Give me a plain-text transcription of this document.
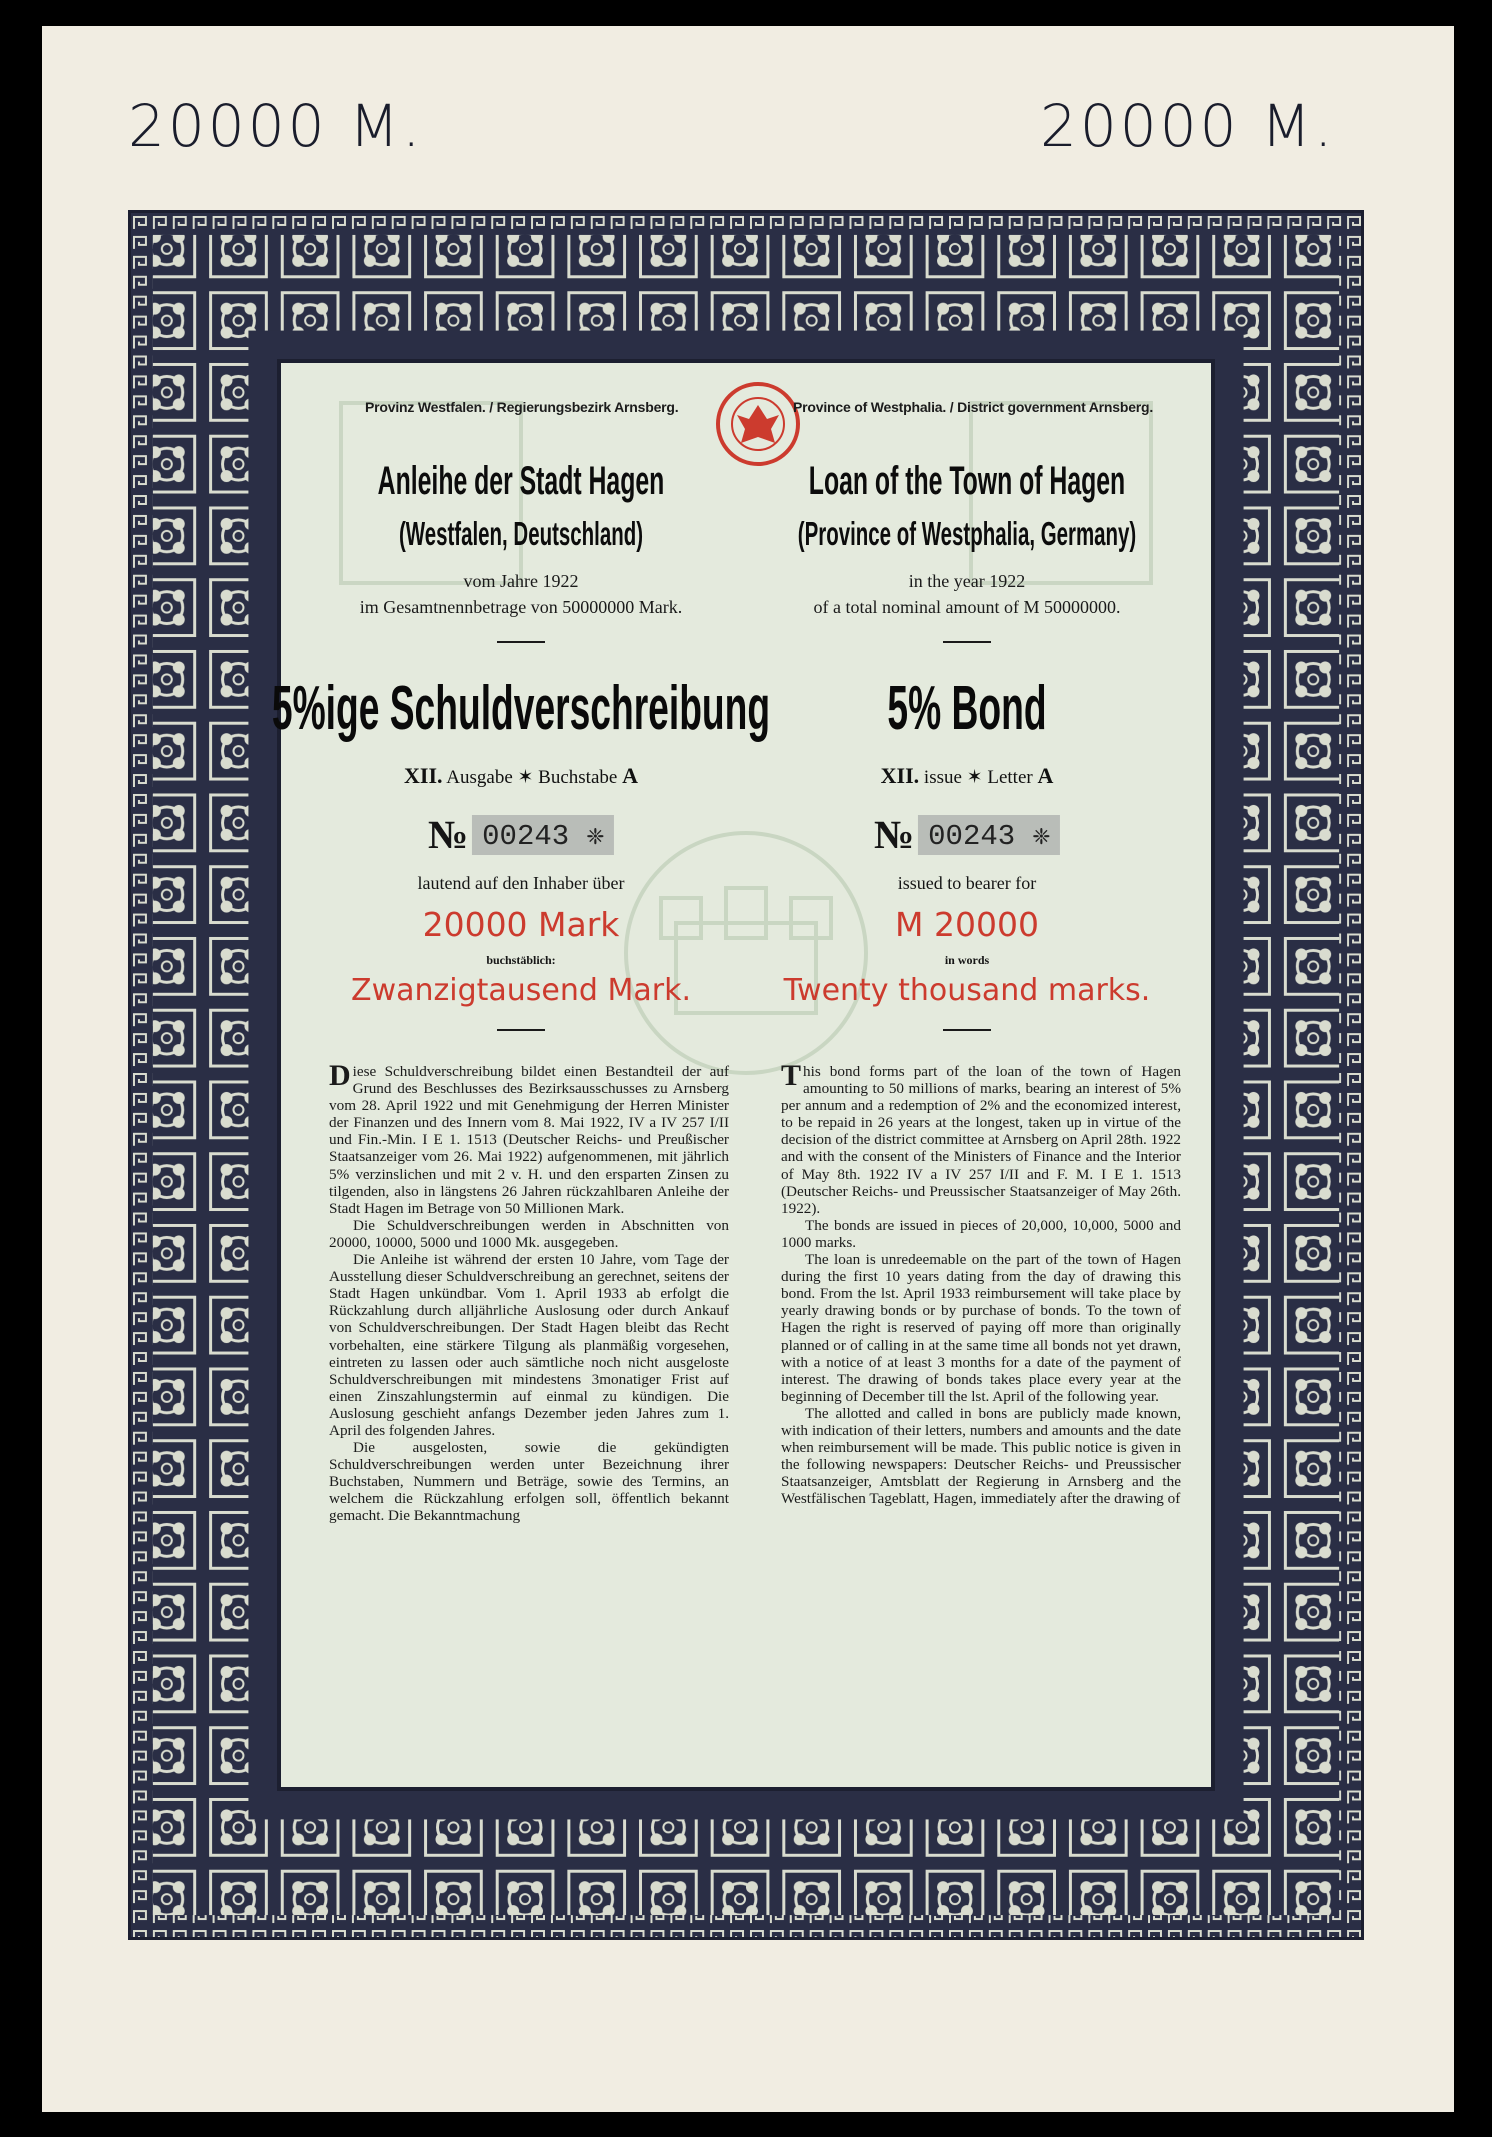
20000 M.	20000 M.
Provinz Westfalen. / Regierungsbezirk Arnsberg.	Province of Westphalia. / District government Arnsberg.
Anleihe der Stadt Hagen
(Westfalen, Deutschland)
vom Jahre 1922
im Gesamtnennbetrage von 50000000 Mark.
5%ige Schuldverschreibung
XII. Ausgabe ✶ Buchstabe A
№ 00243 ❈
lautend auf den Inhaber über
20000 Mark
buchstäblich:
Zwanzigtausend Mark.
Loan of the Town of Hagen
(Province of Westphalia, Germany)
in the year 1922
of a total nominal amount of M 50000000.
5% Bond
XII. issue ✶ Letter A
№ 00243 ❈
issued to bearer for
M 20000
in words
Twenty thousand marks.

Diese Schuldverschreibung bildet einen Bestandteil der auf Grund des Beschlusses des Bezirksausschusses zu Arnsberg vom 28. April 1922 und mit Genehmigung der Herren Minister der Finanzen und des Innern vom 8. Mai 1922, IV a IV 257 I/II und Fin.-Min. I E 1. 1513 (Deutscher Reichs- und Preußischer Staatsanzeiger vom 26. Mai 1922) aufgenommenen, mit jährlich 5% verzinslichen und mit 2 v. H. und den ersparten Zinsen zu tilgenden, also in längstens 26 Jahren rückzahlbaren Anleihe der Stadt Hagen im Betrage von 50 Millionen Mark.

Die Schuldverschreibungen werden in Abschnitten von 20000, 10000, 5000 und 1000 Mk. ausgegeben.

Die Anleihe ist während der ersten 10 Jahre, vom Tage der Ausstellung dieser Schuldverschreibung an gerechnet, seitens der Stadt Hagen unkündbar. Vom 1. April 1933 ab erfolgt die Rückzahlung durch alljährliche Auslosung oder durch Ankauf von Schuldverschreibungen. Der Stadt Hagen bleibt das Recht vorbehalten, eine stärkere Tilgung als planmäßig vorgesehen, eintreten zu lassen oder auch sämtliche noch nicht ausgeloste Schuldverschreibungen mit mindestens 3monatiger Frist auf einen Zinszahlungstermin auf einmal zu kündigen. Die Auslosung geschieht anfangs Dezember jeden Jahres zum 1. April des folgenden Jahres.

Die ausgelosten, sowie die gekündigten Schuldverschreibungen werden unter Bezeichnung ihrer Buchstaben, Nummern und Beträge, sowie des Termins, an welchem die Rückzahlung erfolgen soll, öffentlich bekannt gemacht. Die Bekanntmachung

This bond forms part of the loan of the town of Hagen amounting to 50 millions of marks, bearing an interest of 5% per annum and a redemption of 2% and the economized interest, to be repaid in 26 years at the longest, taken up in virtue of the decision of the district committee at Arnsberg on April 28th. 1922 and with the consent of the Ministers of Finance and the Interior of May 8th. 1922 IV a IV 257 I/II and F. M. I E 1. 1513 (Deutscher Reichs- und Preussischer Staatsanzeiger of May 26th. 1922).

The bonds are issued in pieces of 20,000, 10,000, 5000 and 1000 marks.

The loan is unredeemable on the part of the town of Hagen during the first 10 years dating from the day of drawing this bond. From the lst. April 1933 reimbursement will take place by yearly drawing bonds or by purchase of bonds. To the town of Hagen the right is reserved of paying off more than originally planned or of calling in at the same time all bonds not yet drawn, with a notice of at least 3 months for a date of the payment of interest. The drawing of bonds takes place every year at the beginning of December till the lst. April of the following year.

The allotted and called in bons are publicly made known, with indication of their letters, numbers and amounts and the date when reimbursement will be made. This public notice is given in the following newspapers: Deutscher Reichs- und Preussischer Staatsanzeiger, Amtsblatt der Regierung in Arnsberg and the Westfälischen Tageblatt, Hagen, immediately after the drawing of
